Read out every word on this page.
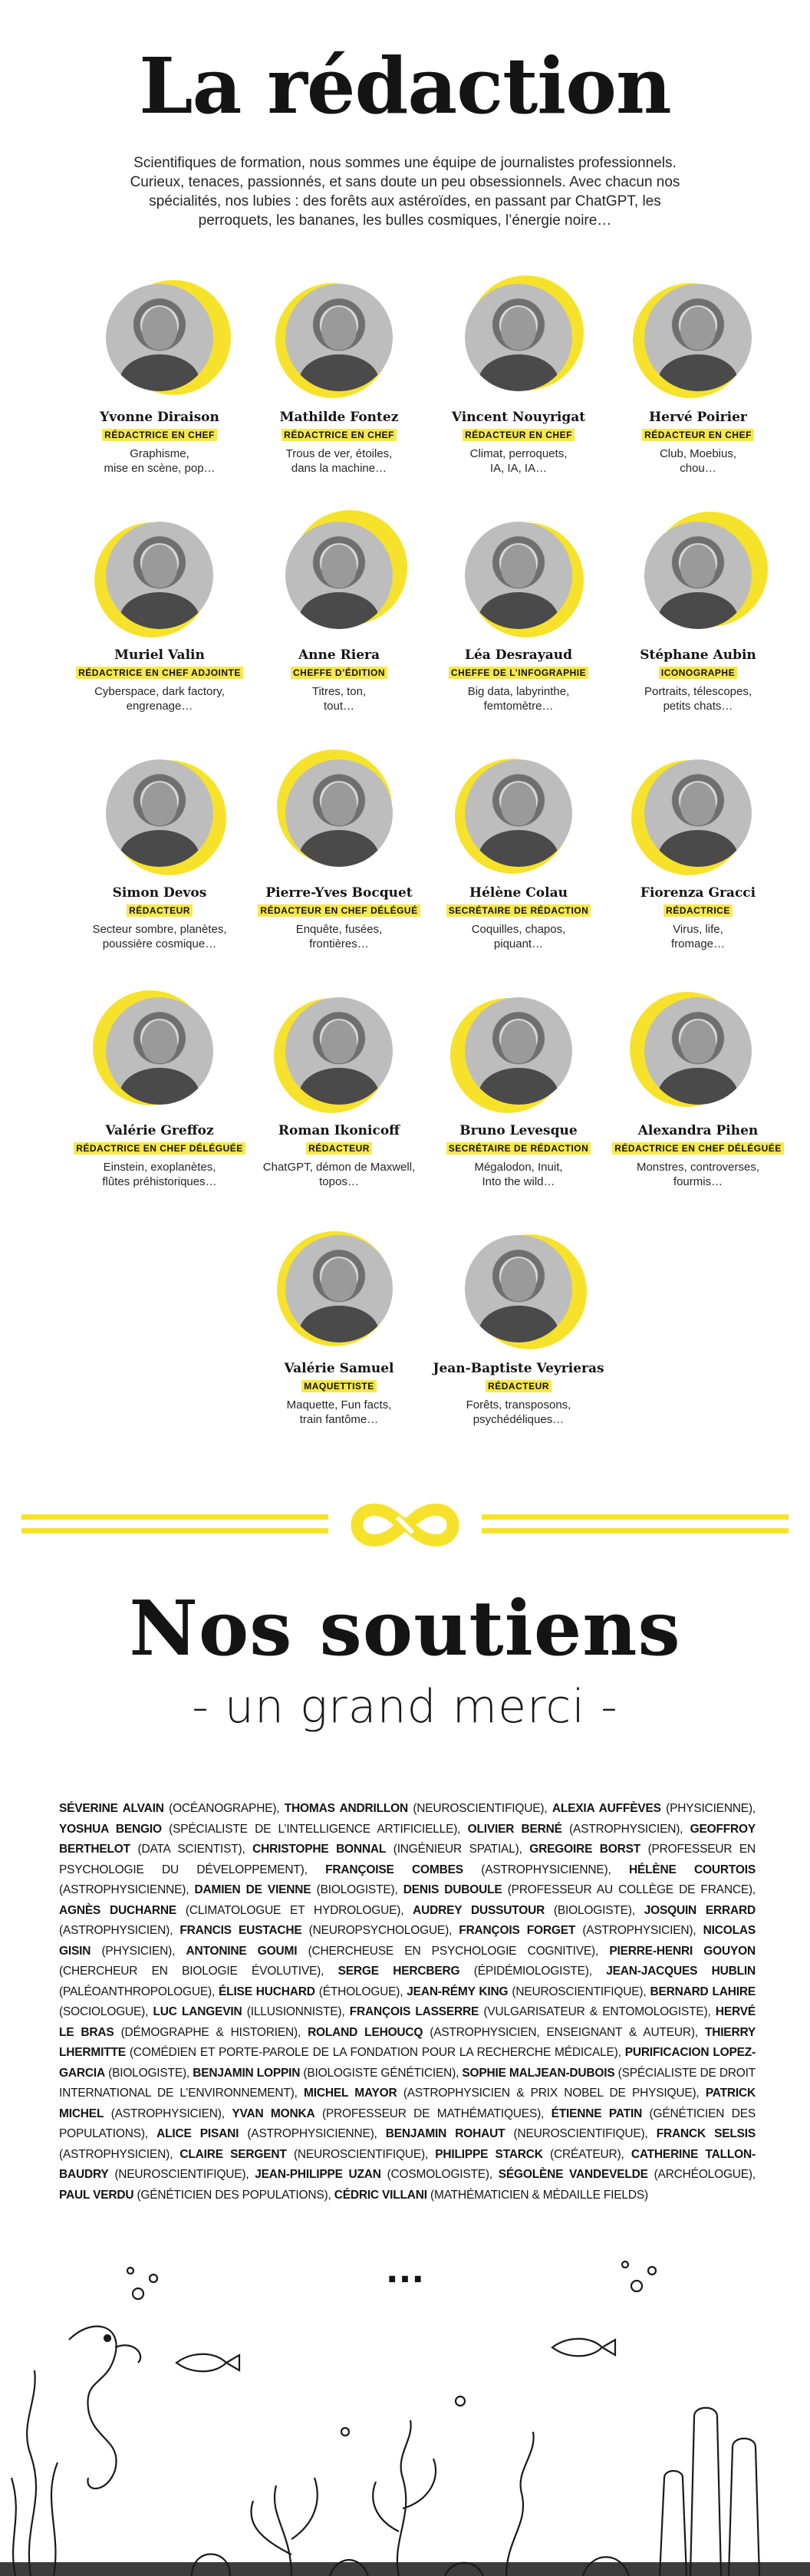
La rédaction

Scientifiques de formation, nous sommes une équipe de journalistes professionnels. Curieux, tenaces, passionnés, et sans doute un peu obsessionnels. Avec chacun nos spécialités, nos lubies : des forêts aux astéroïdes, en passant par ChatGPT, les perroquets, les bananes, les bulles cosmiques, l’énergie noire…

Yvonne Diraison
RÉDACTRICE EN CHEF
Graphisme,
mise en scène, pop…
Mathilde Fontez
RÉDACTRICE EN CHEF
Trous de ver, étoiles,
dans la machine…
Vincent Nouyrigat
RÉDACTEUR EN CHEF
Climat, perroquets,
IA, IA, IA…
Hervé Poirier
RÉDACTEUR EN CHEF
Club, Moebius,
chou…
Muriel Valin
RÉDACTRICE EN CHEF ADJOINTE
Cyberspace, dark factory,
engrenage…
Anne Riera
CHEFFE D’ÉDITION
Titres, ton,
tout…
Léa Desrayaud
CHEFFE DE L’INFOGRAPHIE
Big data, labyrinthe,
femtomètre…
Stéphane Aubin
ICONOGRAPHE
Portraits, télescopes,
petits chats…
Simon Devos
RÉDACTEUR
Secteur sombre, planètes,
poussière cosmique…
Pierre-Yves Bocquet
RÉDACTEUR EN CHEF DÉLÉGUÉ
Enquête, fusées,
frontières…
Hélène Colau
SECRÉTAIRE DE RÉDACTION
Coquilles, chapos,
piquant…
Fiorenza Gracci
RÉDACTRICE
Virus, life,
fromage…
Valérie Greffoz
RÉDACTRICE EN CHEF DÉLÉGUÉE
Einstein, exoplanètes,
flûtes préhistoriques…
Roman Ikonicoff
RÉDACTEUR
ChatGPT, démon de Maxwell,
topos…
Bruno Levesque
SECRÉTAIRE DE RÉDACTION
Mégalodon, Inuit,
Into the wild…
Alexandra Pihen
RÉDACTRICE EN CHEF DÉLÉGUÉE
Monstres, controverses,
fourmis…
Valérie Samuel
MAQUETTISTE
Maquette, Fun facts,
train fantôme…
Jean-Baptiste Veyrieras
RÉDACTEUR
Forêts, transposons,
psychédéliques…
Nos soutiens
- un grand merci -

SÉVERINE ALVAIN (OCÉANOGRAPHE), THOMAS ANDRILLON (NEUROSCIENTIFIQUE), ALEXIA AUFFÈVES (PHYSICIENNE), YOSHUA BENGIO (SPÉCIALISTE DE L’INTELLIGENCE ARTIFICIELLE), OLIVIER BERNÉ (ASTROPHYSICIEN), GEOFFROY BERTHELOT (DATA SCIENTIST), CHRISTOPHE BONNAL (INGÉNIEUR SPATIAL), GREGOIRE BORST (PROFESSEUR EN PSYCHOLOGIE DU DÉVELOPPEMENT), FRANÇOISE COMBES (ASTROPHYSICIENNE), HÉLÈNE COURTOIS (ASTROPHYSICIENNE), DAMIEN DE VIENNE (BIOLOGISTE), DENIS DUBOULE (PROFESSEUR AU COLLÈGE DE FRANCE), AGNÈS DUCHARNE (CLIMATOLOGUE ET HYDROLOGUE), AUDREY DUSSUTOUR (BIOLOGISTE), JOSQUIN ERRARD (ASTROPHYSICIEN), FRANCIS EUSTACHE (NEUROPSYCHOLOGUE), FRANÇOIS FORGET (ASTROPHYSICIEN), NICOLAS GISIN (PHYSICIEN), ANTONINE GOUMI (CHERCHEUSE EN PSYCHOLOGIE COGNITIVE), PIERRE-HENRI GOUYON (CHERCHEUR EN BIOLOGIE ÉVOLUTIVE), SERGE HERCBERG (ÉPIDÉMIOLOGISTE), JEAN-JACQUES HUBLIN (PALÉOANTHROPOLOGUE), ÉLISE HUCHARD (ÉTHOLOGUE), JEAN-RÉMY KING (NEUROSCIENTIFIQUE), BERNARD LAHIRE (SOCIOLOGUE), LUC LANGEVIN (ILLUSIONNISTE), FRANÇOIS LASSERRE (VULGARISATEUR & ENTOMOLOGISTE), HERVÉ LE BRAS (DÉMOGRAPHE & HISTORIEN), ROLAND LEHOUCQ (ASTROPHYSICIEN, ENSEIGNANT & AUTEUR), THIERRY LHERMITTE (COMÉDIEN ET PORTE-PAROLE DE LA FONDATION POUR LA RECHERCHE MÉDICALE), PURIFICACION LOPEZ-GARCIA (BIOLOGISTE), BENJAMIN LOPPIN (BIOLOGISTE GÉNÉTICIEN), SOPHIE MALJEAN-DUBOIS (SPÉCIALISTE DE DROIT INTERNATIONAL DE L’ENVIRONNEMENT), MICHEL MAYOR (ASTROPHYSICIEN & PRIX NOBEL DE PHYSIQUE), PATRICK MICHEL (ASTROPHYSICIEN), YVAN MONKA (PROFESSEUR DE MATHÉMATIQUES), ÉTIENNE PATIN (GÉNÉTICIEN DES POPULATIONS), ALICE PISANI (ASTROPHYSICIENNE), BENJAMIN ROHAUT (NEUROSCIENTIFIQUE), FRANCK SELSIS (ASTROPHYSICIEN), CLAIRE SERGENT (NEUROSCIENTIFIQUE), PHILIPPE STARCK (CRÉATEUR), CATHERINE TALLON-BAUDRY (NEUROSCIENTIFIQUE), JEAN-PHILIPPE UZAN (COSMOLOGISTE), SÉGOLÈNE VANDEVELDE (ARCHÉOLOGUE), PAUL VERDU (GÉNÉTICIEN DES POPULATIONS), CÉDRIC VILLANI (MATHÉMATICIEN & MÉDAILLE FIELDS)

...
